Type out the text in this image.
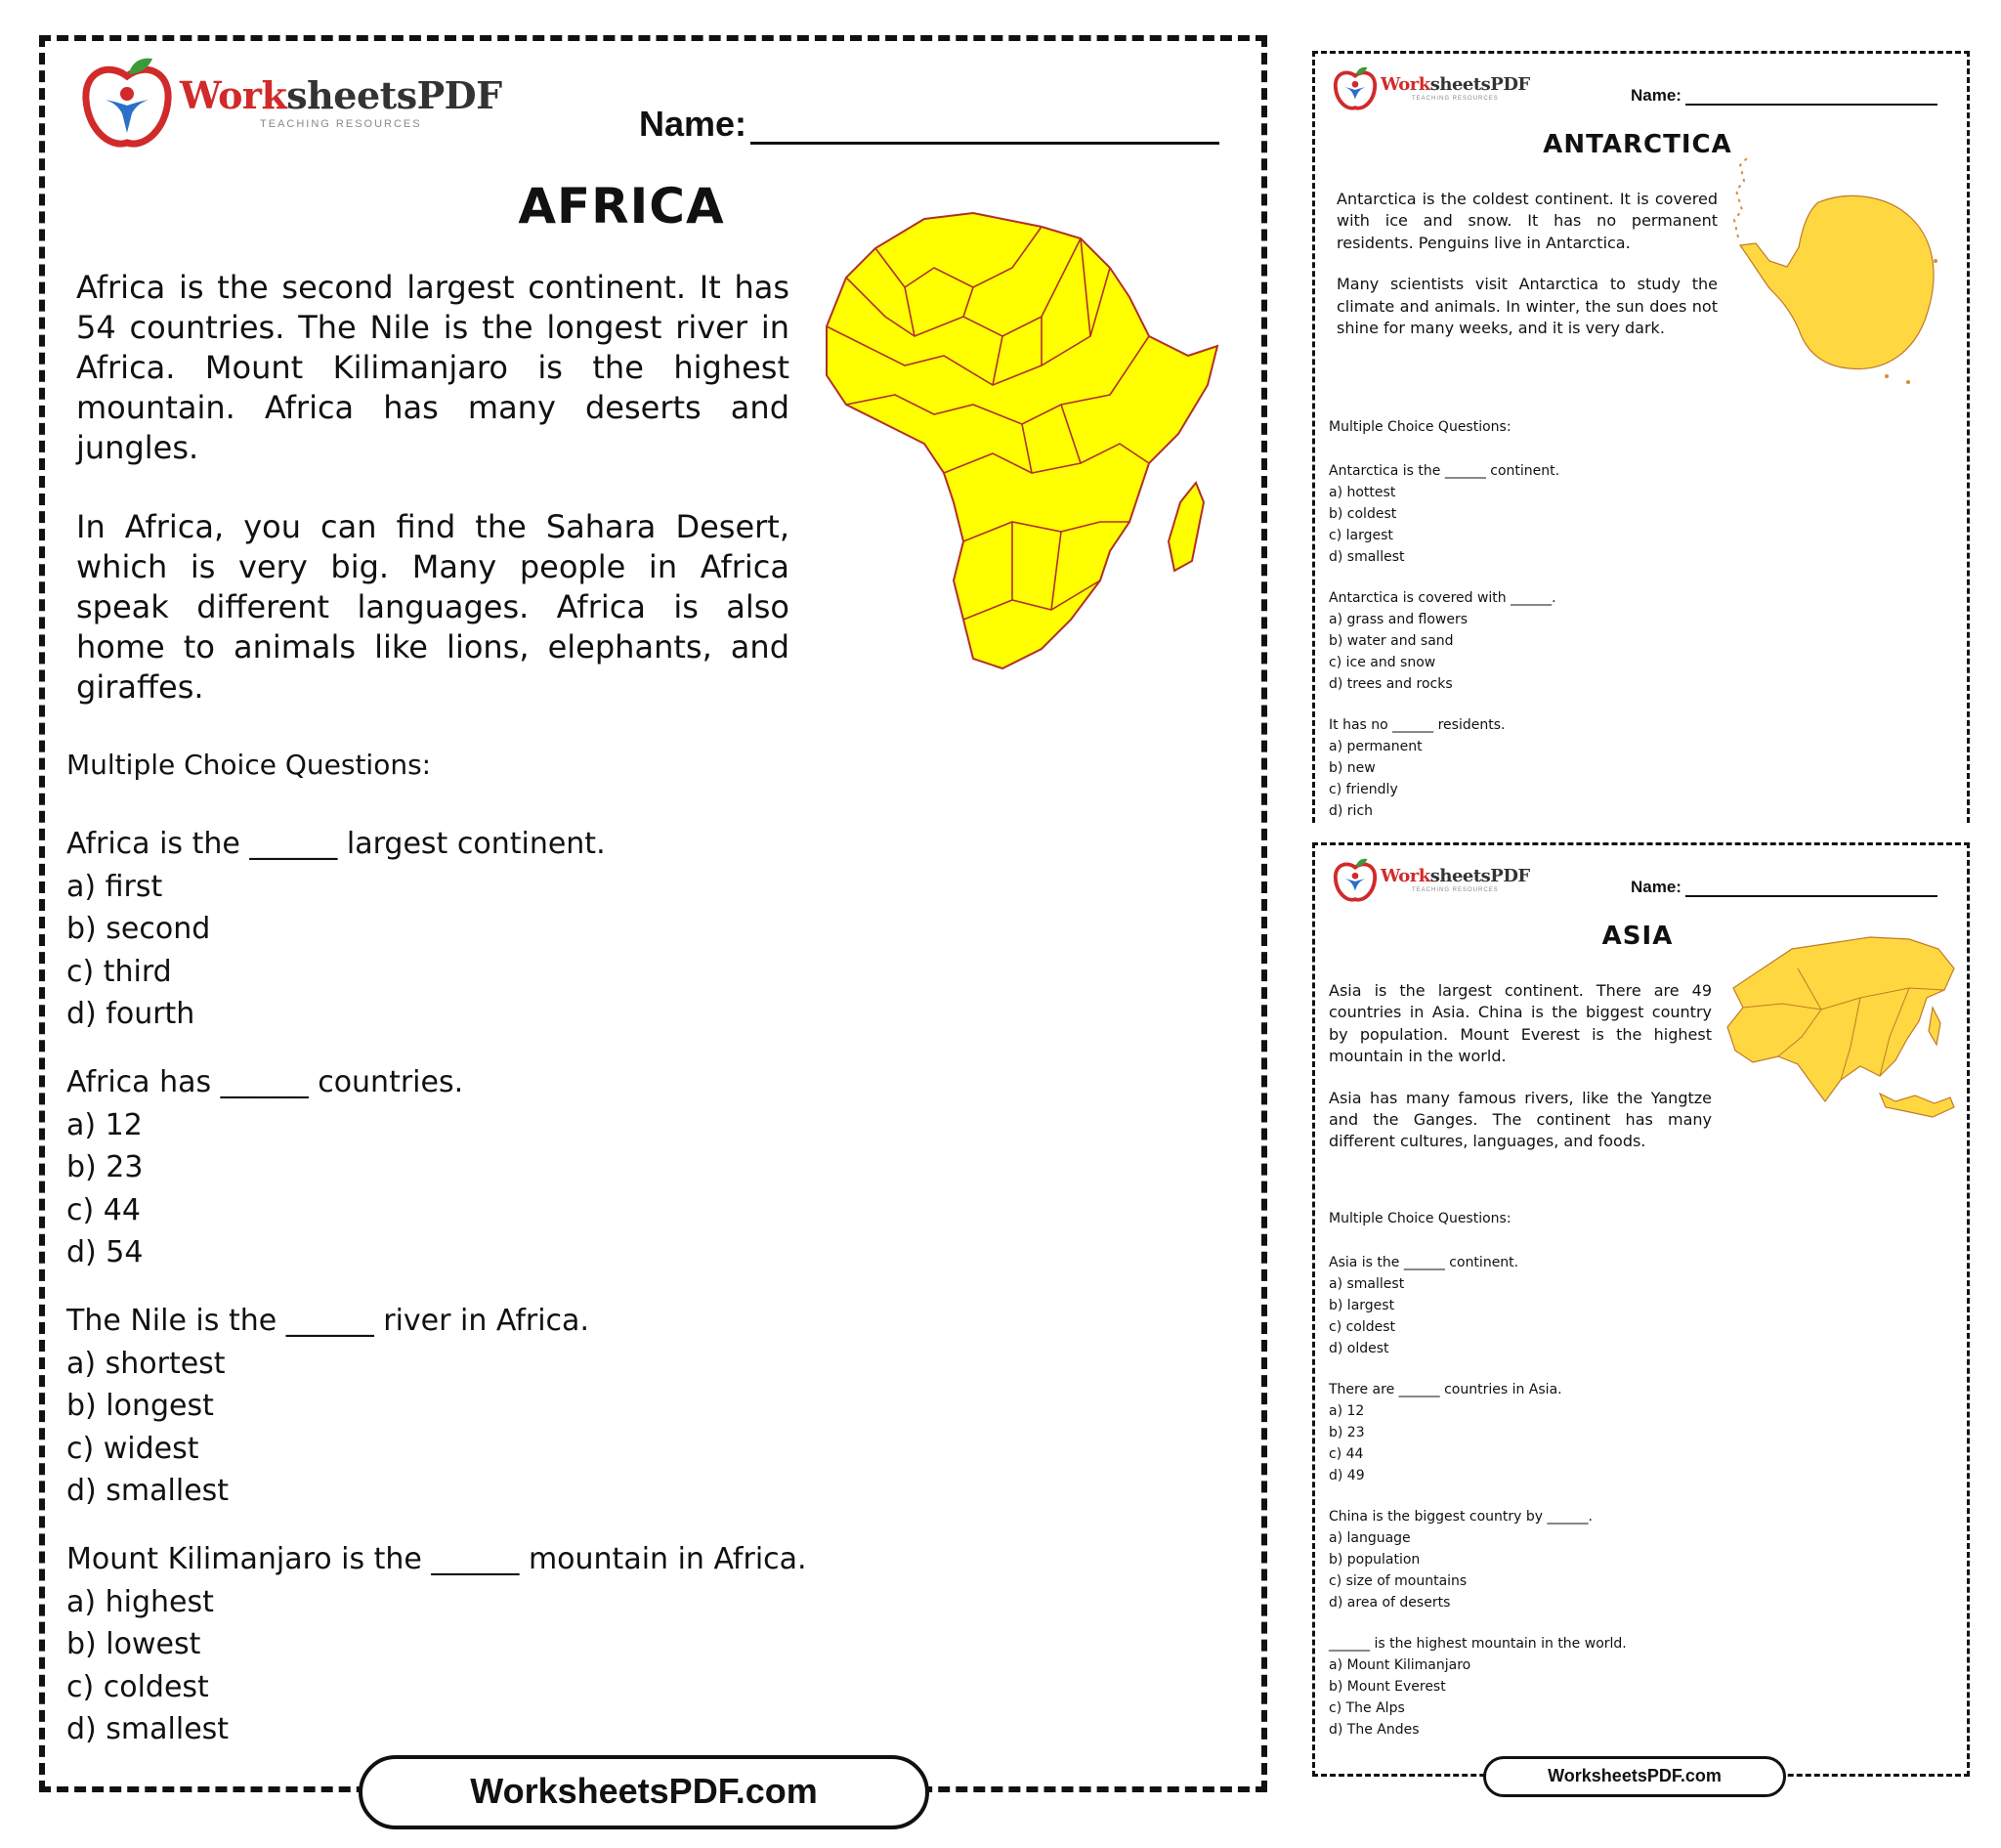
WorksheetsPDF
TEACHING RESOURCES	Name:
AFRICA

Africa is the second largest continent. It has 54 countries. The Nile is the longest river in Africa. Mount Kilimanjaro is the highest mountain. Africa has many deserts and jungles.

In Africa, you can find the Sahara Desert, which is very big. Many people in Africa speak different languages. Africa is also home to animals like lions, elephants, and giraffes.

Multiple Choice Questions:
Africa is the ______ largest continent.
a) first
b) second
c) third
d) fourth
Africa has ______ countries.
a) 12
b) 23
c) 44
d) 54
The Nile is the ______ river in Africa.
a) shortest
b) longest
c) widest
d) smallest
Mount Kilimanjaro is the ______ mountain in Africa.
a) highest
b) lowest
c) coldest
d) smallest
WorksheetsPDF.com
WorksheetsPDF
TEACHING RESOURCES	Name:
ANTARCTICA

Antarctica is the coldest continent. It is covered with ice and snow. It has no permanent residents. Penguins live in Antarctica.

Many scientists visit Antarctica to study the climate and animals. In winter, the sun does not shine for many weeks, and it is very dark.

Multiple Choice Questions:
Antarctica is the ______ continent.
a) hottest
b) coldest
c) largest
d) smallest
Antarctica is covered with ______.
a) grass and flowers
b) water and sand
c) ice and snow
d) trees and rocks
It has no ______ residents.
a) permanent
b) new
c) friendly
d) rich
WorksheetsPDF
TEACHING RESOURCES	Name:
ASIA

Asia is the largest continent. There are 49 countries in Asia. China is the biggest country by population. Mount Everest is the highest mountain in the world.

Asia has many famous rivers, like the Yangtze and the Ganges. The continent has many different cultures, languages, and foods.

Multiple Choice Questions:
Asia is the ______ continent.
a) smallest
b) largest
c) coldest
d) oldest
There are ______ countries in Asia.
a) 12
b) 23
c) 44
d) 49
China is the biggest country by ______.
a) language
b) population
c) size of mountains
d) area of deserts
______ is the highest mountain in the world.
a) Mount Kilimanjaro
b) Mount Everest
c) The Alps
d) The Andes
WorksheetsPDF.com
